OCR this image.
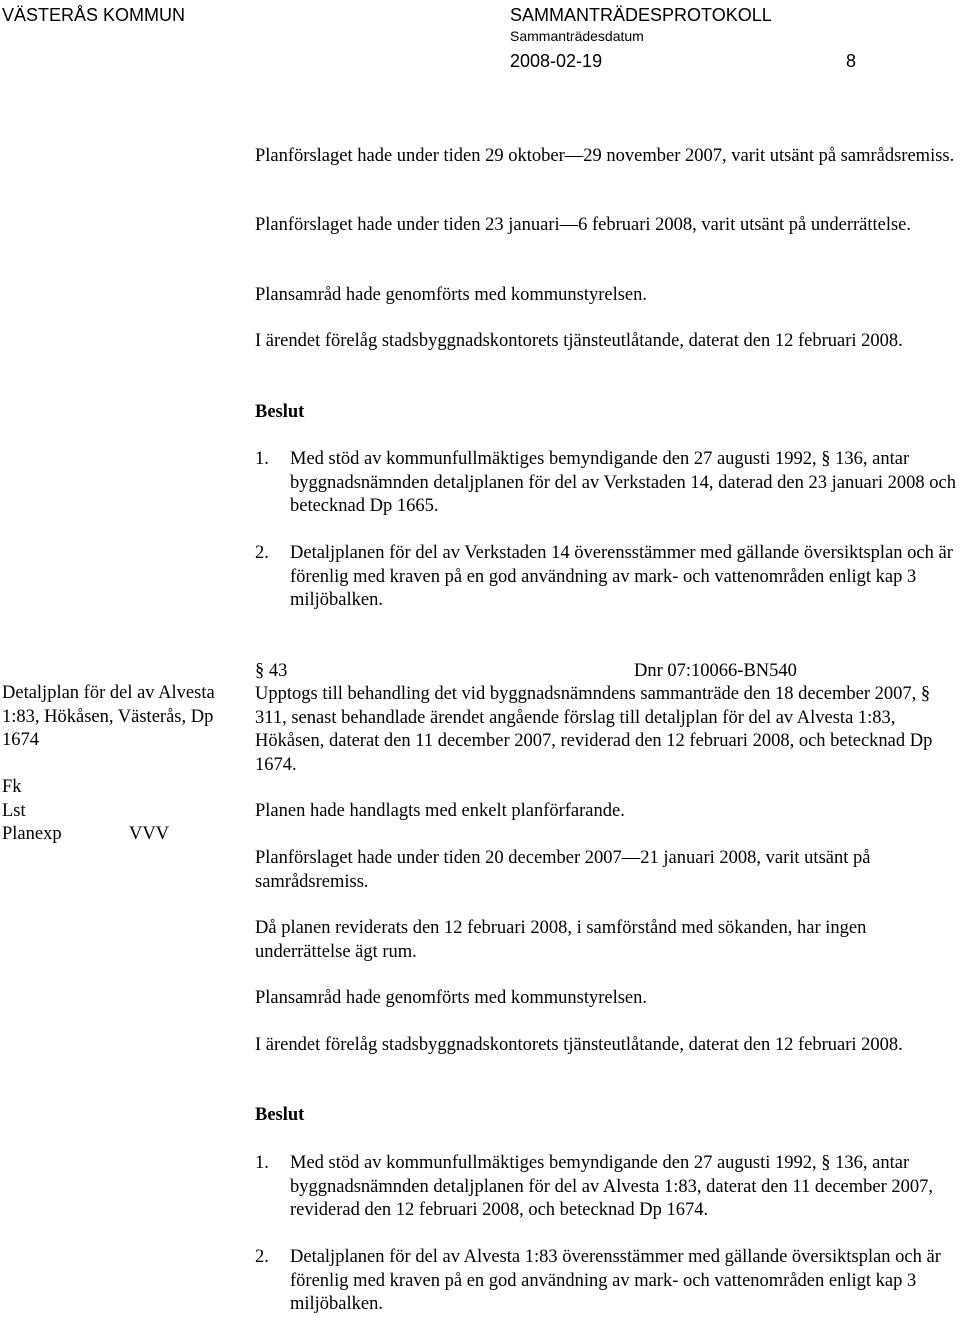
VÄSTERÅS KOMMUN	SAMMANTRÄDESPROTOKOLL
Sammanträdesdatum
2008-02-19	8

Planförslaget hade under tiden 29 oktober—29 november 2007, varit utsänt på samrådsremiss.

Planförslaget hade under tiden 23 januari—6 februari 2008, varit utsänt på underrättelse.

Plansamråd hade genomförts med kommunstyrelsen.

I ärendet förelåg stadsbyggnadskontorets tjänsteutlåtande, daterat den 12 februari 2008.

Beslut

1. Med stöd av kommunfullmäktiges bemyndigande den 27 augusti 1992, § 136, antar byggnadsnämnden detaljplanen för del av Verkstaden 14, daterad den 23 januari 2008 och betecknad Dp 1665.
2. Detaljplanen för del av Verkstaden 14 överensstämmer med gällande översiktsplan och är förenlig med kraven på en god användning av mark- och vattenområden enligt kap 3 miljöbalken.

Detaljplan för del av Alvesta 1:83, Hökåsen, Västerås, Dp 1674

Fk

Lst

Planexp	VVV

§ 43	Dnr 07:10066-BN540

Upptogs till behandling det vid byggnadsnämndens sammanträde den 18 december 2007, § 311, senast behandlade ärendet angående förslag till detaljplan för del av Alvesta 1:83, Hökåsen, daterat den 11 december 2007, reviderad den 12 februari 2008, och betecknad Dp 1674.

Planen hade handlagts med enkelt planförfarande.

Planförslaget hade under tiden 20 december 2007—21 januari 2008, varit utsänt på samrådsremiss.

Då planen reviderats den 12 februari 2008, i samförstånd med sökanden, har ingen underrättelse ägt rum.

Plansamråd hade genomförts med kommunstyrelsen.

I ärendet förelåg stadsbyggnadskontorets tjänsteutlåtande, daterat den 12 februari 2008.

Beslut

1. Med stöd av kommunfullmäktiges bemyndigande den 27 augusti 1992, § 136, antar byggnadsnämnden detaljplanen för del av Alvesta 1:83, daterat den 11 december 2007, reviderad den 12 februari 2008, och betecknad Dp 1674.
2. Detaljplanen för del av Alvesta 1:83 överensstämmer med gällande översiktsplan och är förenlig med kraven på en god användning av mark- och vattenområden enligt kap 3 miljöbalken.
